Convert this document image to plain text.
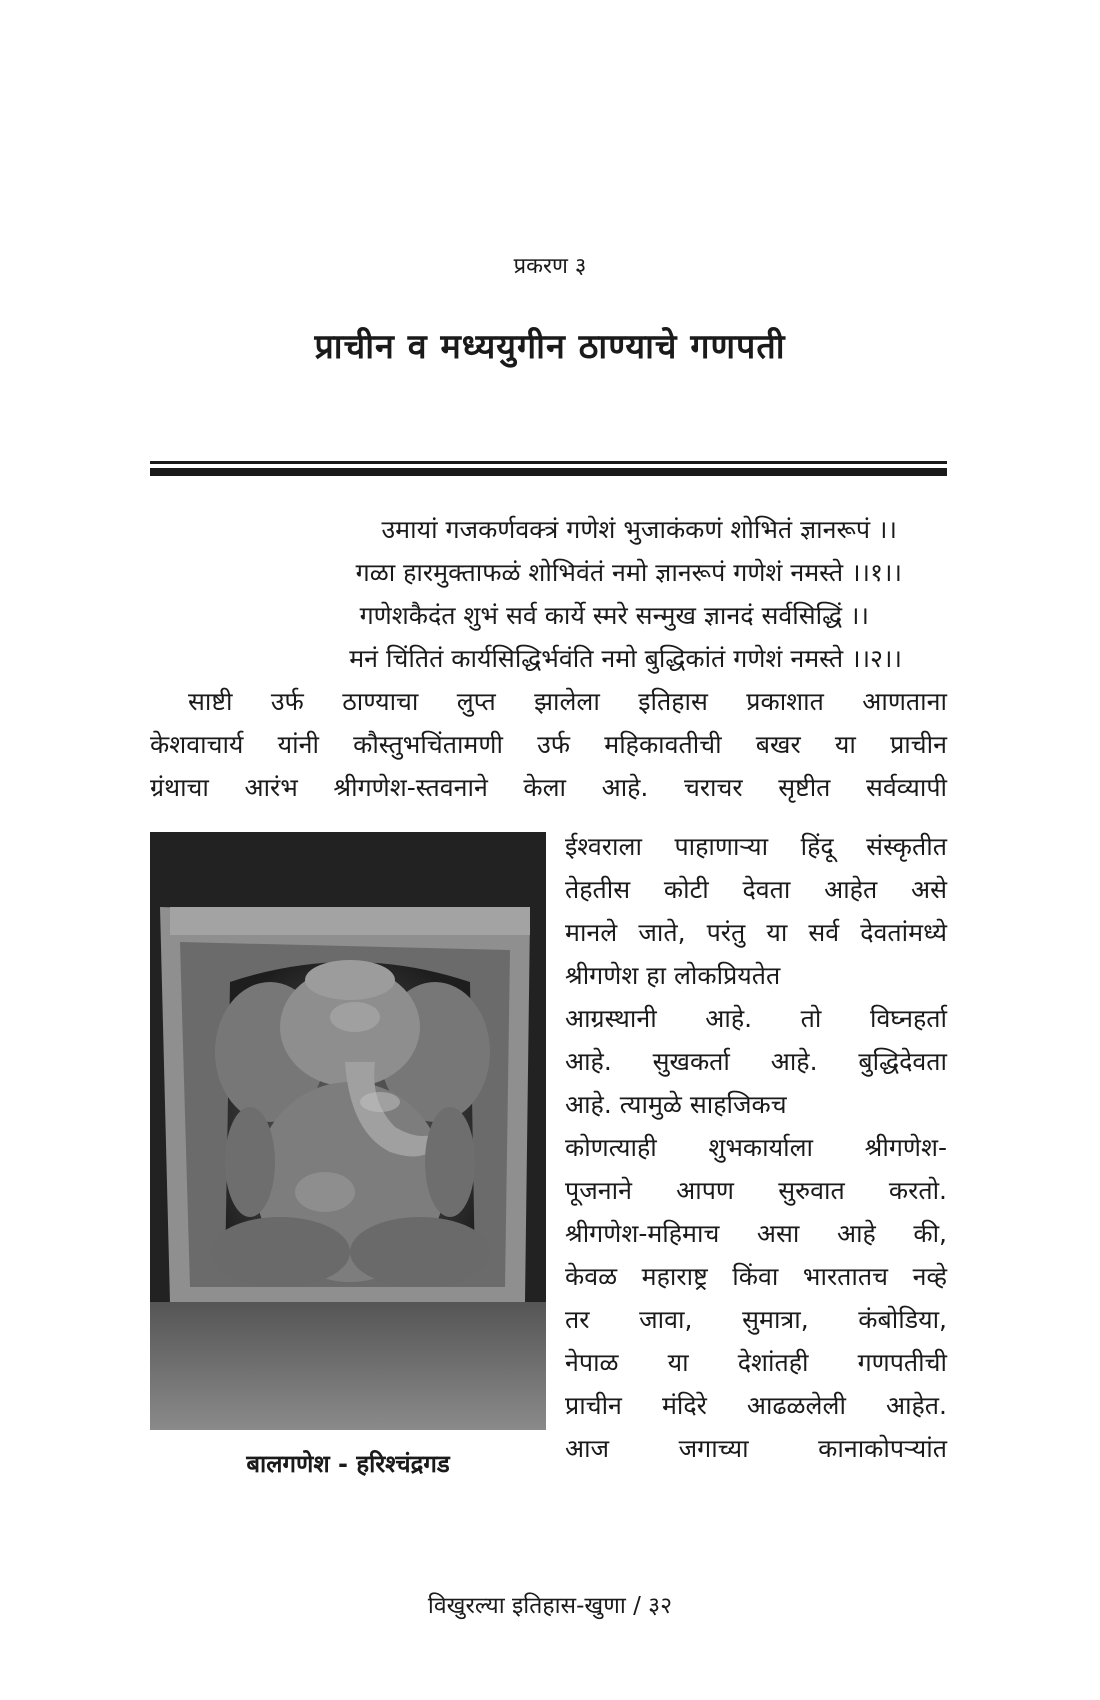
प्रकरण ३
प्राचीन व मध्ययुगीन ठाण्याचे गणपती
उमायां गजकर्णवक्त्रं गणेशं भुजाकंकणं शोभितं ज्ञानरूपं ।।
गळा हारमुक्ताफळं शोभिवंतं नमो ज्ञानरूपं गणेशं नमस्ते ।।१।।
गणेशकैदंत शुभं सर्व कार्ये स्मरे सन्मुख ज्ञानदं सर्वसिद्धिं ।।
मनं चिंतितं कार्यसिद्धिर्भवंति नमो बुद्धिकांतं गणेशं नमस्ते ।।२।।
साष्टी उर्फ ठाण्याचा लुप्त झालेला इतिहास प्रकाशात आणताना
केशवाचार्य यांनी कौस्तुभचिंतामणी उर्फ महिकावतीची बखर या प्राचीन
ग्रंथाचा आरंभ श्रीगणेश-स्तवनाने केला आहे. चराचर सृष्टीत सर्वव्यापी
बालगणेश - हरिश्चंद्रगड
ईश्वराला पाहाणाऱ्या हिंदू संस्कृतीत
तेहतीस कोटी देवता आहेत असे
मानले जाते, परंतु या सर्व देवतांमध्ये
श्रीगणेश हा लोकप्रियतेत
आग्रस्थानी आहे. तो विघ्नहर्ता
आहे. सुखकर्ता आहे. बुद्धिदेवता
आहे. त्यामुळे साहजिकच
कोणत्याही शुभकार्याला श्रीगणेश-
पूजनाने आपण सुरुवात करतो.
श्रीगणेश-महिमाच असा आहे की,
केवळ महाराष्ट्र किंवा भारतातच नव्हे
तर जावा, सुमात्रा, कंबोडिया,
नेपाळ या देशांतही गणपतीची
प्राचीन मंदिरे आढळलेली आहेत.
आज जगाच्या कानाकोपऱ्यांत
विखुरल्या इतिहास-खुणा / ३२
